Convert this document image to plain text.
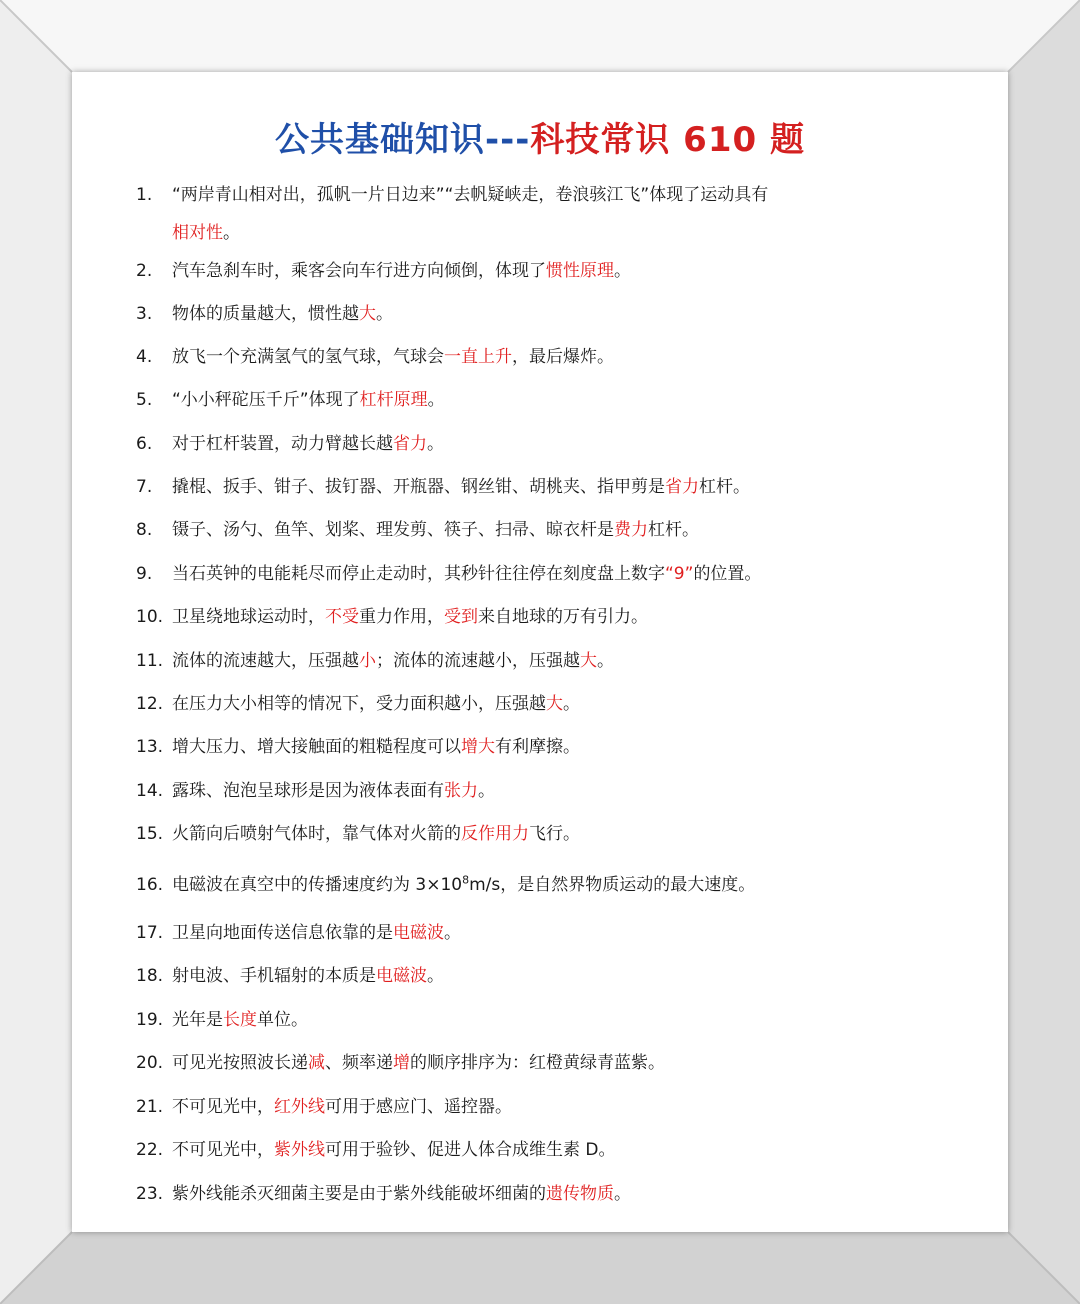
公共基础知识---科技常识 610 题
1. “两岸青山相对出，孤帆一片日边来”“去帆疑峡走，卷浪骇江飞”体现了运动具有
相对性。
2. 汽车急刹车时，乘客会向车行进方向倾倒，体现了惯性原理。
3. 物体的质量越大，惯性越大。
4. 放飞一个充满氢气的氢气球，气球会一直上升，最后爆炸。
5. “小小秤砣压千斤”体现了杠杆原理。
6. 对于杠杆装置，动力臂越长越省力。
7. 撬棍、扳手、钳子、拔钉器、开瓶器、钢丝钳、胡桃夹、指甲剪是省力杠杆。
8. 镊子、汤勺、鱼竿、划桨、理发剪、筷子、扫帚、晾衣杆是费力杠杆。
9. 当石英钟的电能耗尽而停止走动时，其秒针往往停在刻度盘上数字“9”的位置。
10. 卫星绕地球运动时，不受重力作用，受到来自地球的万有引力。
11. 流体的流速越大，压强越小；流体的流速越小，压强越大。
12. 在压力大小相等的情况下，受力面积越小，压强越大。
13. 增大压力、增大接触面的粗糙程度可以增大有利摩擦。
14. 露珠、泡泡呈球形是因为液体表面有张力。
15. 火箭向后喷射气体时，靠气体对火箭的反作用力飞行。
16. 电磁波在真空中的传播速度约为 $3\times 10^8m/s$，是自然界物质运动的最大速度。
17. 卫星向地面传送信息依靠的是电磁波。
18. 射电波、手机辐射的本质是电磁波。
19. 光年是长度单位。
20. 可见光按照波长递减、频率递增的顺序排序为：红橙黄绿青蓝紫。
21. 不可见光中，红外线可用于感应门、遥控器。
22. 不可见光中，紫外线可用于验钞、促进人体合成维生素 D。
23. 紫外线能杀灭细菌主要是由于紫外线能破坏细菌的遗传物质。
